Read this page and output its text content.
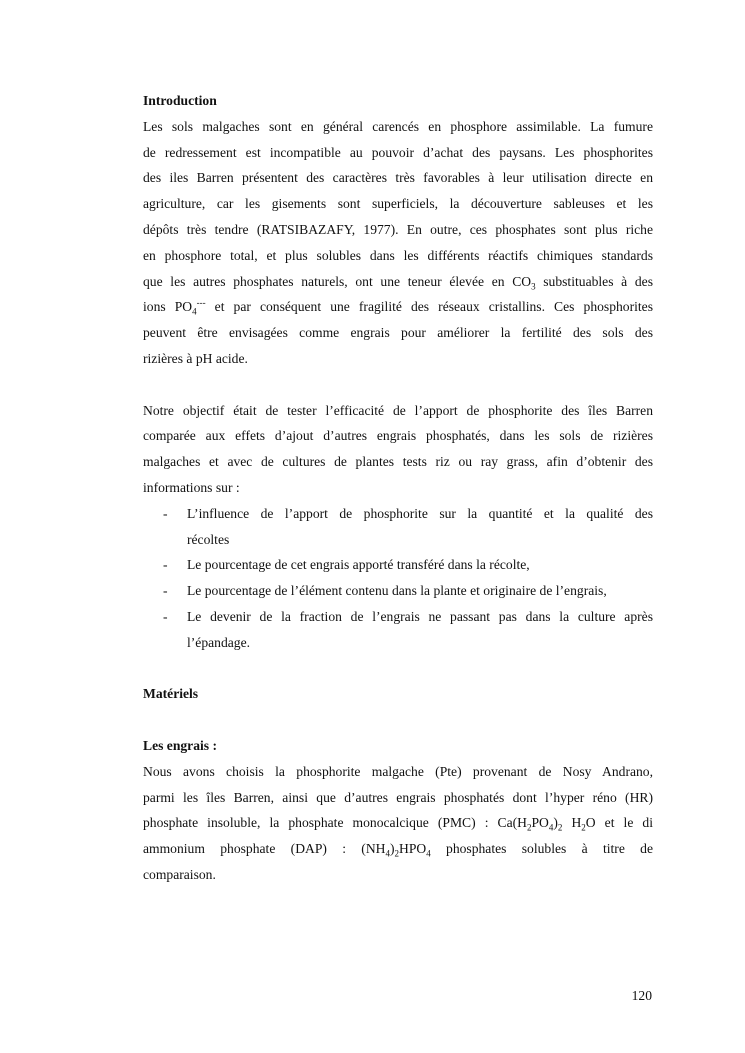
Introduction
Les sols malgaches sont en général carencés en phosphore assimilable. La fumure
de redressement est incompatible au pouvoir d’achat des paysans. Les phosphorites
des iles Barren présentent des caractères très favorables à leur utilisation directe en
agriculture, car les gisements sont superficiels, la découverture sableuses et les
dépôts très tendre (RATSIBAZAFY, 1977). En outre, ces phosphates sont plus riche
en phosphore total, et plus solubles dans les différents réactifs chimiques standards
que les autres phosphates naturels, ont une teneur élevée en $CO_3$ substituables à des
ions $PO_4^{---}$ et par conséquent une fragilité des réseaux cristallins. Ces phosphorites
peuvent être envisagées comme engrais pour améliorer la fertilité des sols des
rizières à pH acide.
Notre objectif était de tester l’efficacité de l’apport de phosphorite des îles Barren
comparée aux effets d’ajout d’autres engrais phosphatés, dans les sols de rizières
malgaches et avec de cultures de plantes tests riz ou ray grass, afin d’obtenir des
informations sur :
- L’influence de l’apport de phosphorite sur la quantité et la qualité des
récoltes
- Le pourcentage de cet engrais apporté transféré dans la récolte,
- Le pourcentage de l’élément contenu dans la plante et originaire de l’engrais,
- Le devenir de la fraction de l’engrais ne passant pas dans la culture après
l’épandage.
Matériels
Les engrais :
Nous avons choisis la phosphorite malgache (Pte) provenant de Nosy Andrano,
parmi les îles Barren, ainsi que d’autres engrais phosphatés dont l’hyper réno (HR)
phosphate insoluble, la phosphate monocalcique (PMC) : $Ca(H_2PO_4)_2$ $H_2O$ et le di
ammonium phosphate (DAP) : $(NH_4)_2HPO_4$ phosphates solubles à titre de
comparaison.
120
